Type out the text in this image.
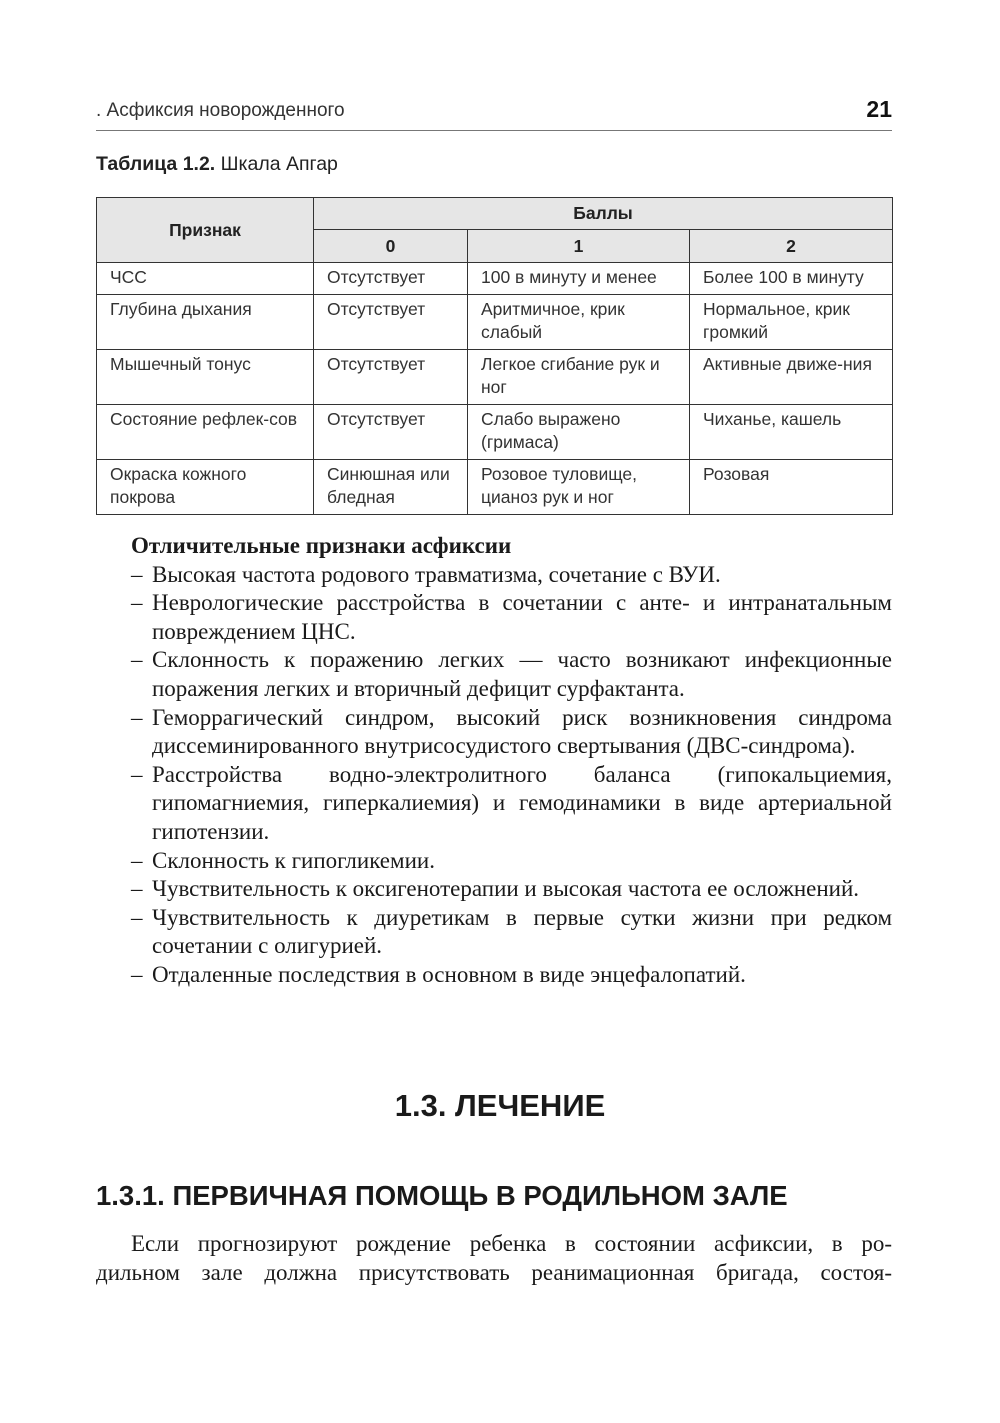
. Асфиксия новорожденного	21
Таблица 1.2. Шкала Апгар
Признак	Баллы		
	0	1	2
ЧСС	Отсутствует	100 в минуту и менее	Более 100 в минуту
Глубина дыхания	Отсутствует	Аритмичное, крик слабый	Нормальное, крик громкий
Мышечный тонус	Отсутствует	Легкое сгибание рук и ног	Активные движе-ния
Состояние рефлек-сов	Отсутствует	Слабо выражено (гримаса)	Чиханье, кашель
Окраска кожного покрова	Синюшная или бледная	Розовое туловище, цианоз рук и ног	Розовая
Отличительные признаки асфиксии
– Высокая частота родового травматизма, сочетание с ВУИ.
– Неврологические расстройства в сочетании с анте- и интранатальным повреждением ЦНС.
– Склонность к поражению легких — часто возникают инфекционные поражения легких и вторичный дефицит сурфактанта.
– Геморрагический синдром, высокий риск возникновения синдрома диссеминированного внутрисосудистого свертывания (ДВС-синдрома).
– Расстройства водно-электролитного баланса (гипокальциемия, гипомагниемия, гиперкалиемия) и гемодинамики в виде артериальной гипотензии.
– Склонность к гипогликемии.
– Чувствительность к оксигенотерапии и высокая частота ее осложнений.
– Чувствительность к диуретикам в первые сутки жизни при редком сочетании с олигурией.
– Отдаленные последствия в основном в виде энцефалопатий.
1.3. ЛЕЧЕНИЕ
1.3.1. ПЕРВИЧНАЯ ПОМОЩЬ В РОДИЛЬНОМ ЗАЛЕ
Если прогнозируют рождение ребенка в состоянии асфиксии, в ро-
дильном зале должна присутствовать реанимационная бригада, состоя-
